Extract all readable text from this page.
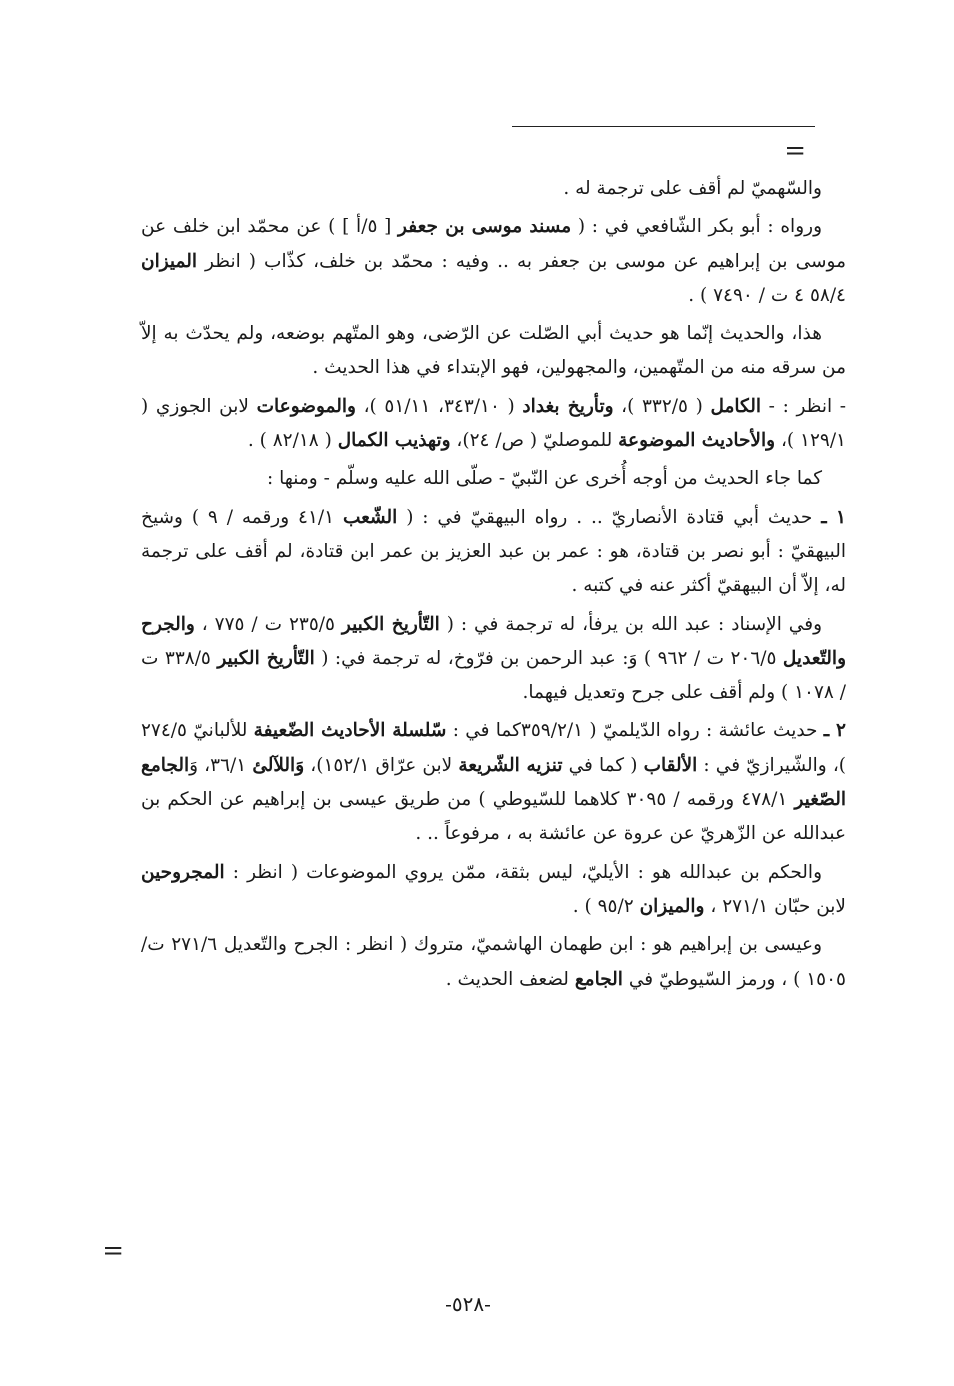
=

والسّهميّ لم أقف على ترجمة له .

ورواه : أبو بكر الشّافعي في : ( مسند موسى بن جعفر [ ٥/أ ] ) عن محمّد ابن خلف عن موسى بن إبراهيم عن موسى بن جعفر به .. وفيه : محمّد بن خلف، كذّاب ( انظر الميزان ٥٨/٤ ٤ ت / ٧٤٩٠ ) .

هذا، والحديث إنّما هو حديث أبي الصّلت عن الرّضى، وهو المتّهم بوضعه، ولم يحدّث به إلاّ من سرقه منه من المتّهمين، والمجهولين، فهو الإبتداء في هذا الحديث .

- انظر : - الكامل ( ٣٣٢/٥ )، وتأريخ بغداد ( ٣٤٣/١٠، ٥١/١١ )، والموضوعات لابن الجوزي ( ١٢٩/١ )، والأحاديث الموضوعة للموصليّ ( ص/ ٢٤)، وتهذيب الكمال ( ٨٢/١٨ ) .

كما جاء الحديث من أوجه أُخرى عن النّبيّ - صلّى الله عليه وسلّم - ومنها :

١ ـ حديث أبي قتادة الأنصاريّ .. . رواه البيهقيّ في : ( الشّعب ٤١/١ ورقمه / ٩ ) وشيخ البيهقيّ : أبو نصر بن قتادة، هو : عمر بن عبد العزيز بن عمر ابن قتادة، لم أقف على ترجمة له، إلاّ أن البيهقيّ أكثر عنه في كتبه .

وفي الإسناد : عبد الله بن يرفأ، له ترجمة في : ( التّأريخ الكبير ٢٣٥/٥ ت / ٧٧٥ ، والجرح والتّعديل ٢٠٦/٥ ت / ٩٦٢ ) وَ: عبد الرحمن بن فرّوخ، له ترجمة في: ( التّأريخ الكبير ٣٣٨/٥ ت / ١٠٧٨ ) ولم أقف على جرح وتعديل فيهما.

٢ ـ حديث عائشة : رواه الدّيلميّ ( ٣٥٩/٢/١كما في : سّلسلة الأحاديث الضّعيفة للألبانيّ ٢٧٤/٥ )، والشّيرازيّ في : الألقاب ( كما في تنزيه الشّريعة لابن عرّاق ١٥٢/١)، وَاللآلئ ٣٦/١، وَالجامع الصّغير ٤٧٨/١ ورقمه / ٣٠٩٥ كلاهما للسّيوطي ) من طريق عيسى بن إبراهيم عن الحكم بن عبدالله عن الزّهريّ عن عروة عن عائشة به ، مرفوعاً .. .

والحكم بن عبدالله هو : الأيليّ، ليس بثقة، ممّن يروي الموضوعات ( انظر : المجروحين لابن حبّان ٢٧١/١ ، والميزان ٩٥/٢ ) .

وعيسى بن إبراهيم هو : ابن طهمان الهاشميّ، متروك ( انظر : الجرح والتّعديل ٢٧١/٦ ت/١٥٠٥ ) ، ورمز السّيوطيّ في الجامع لضعف الحديث .

=
-٥٢٨-
